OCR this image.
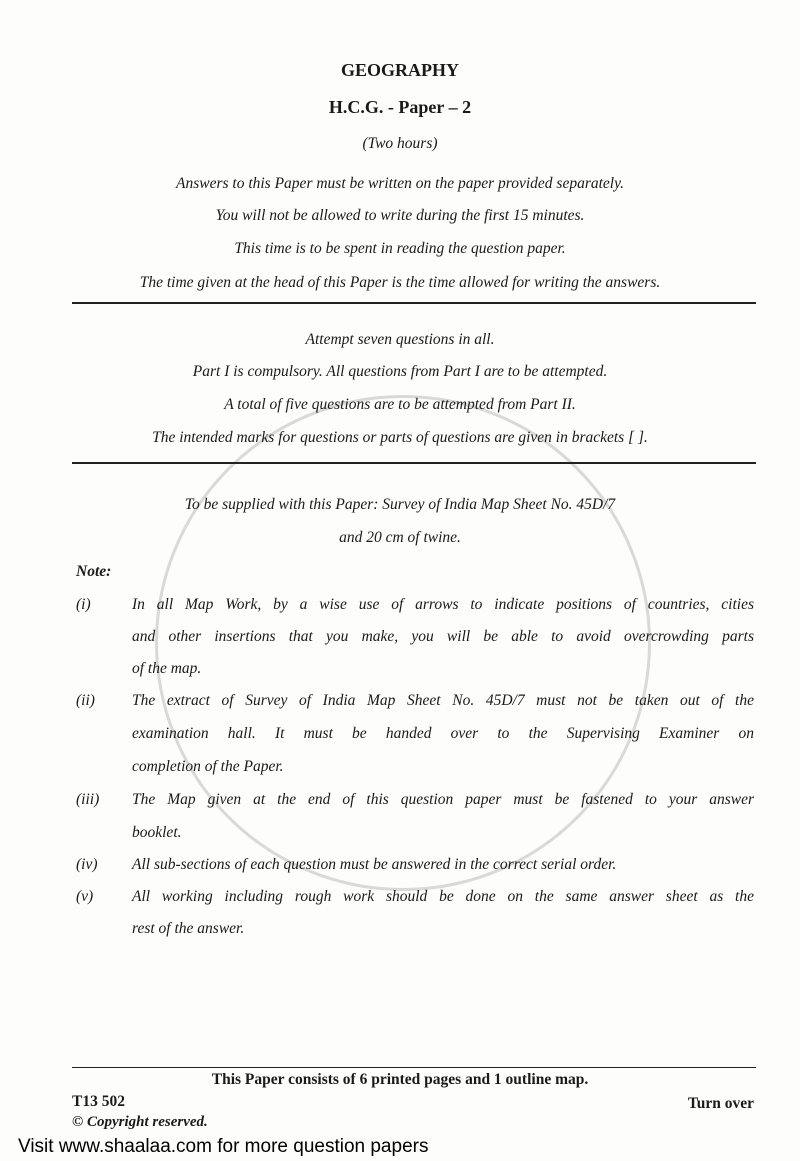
GEOGRAPHY
H.C.G. - Paper – 2
(Two hours)
Answers to this Paper must be written on the paper provided separately.
You will not be allowed to write during the first 15 minutes.
This time is to be spent in reading the question paper.
The time given at the head of this Paper is the time allowed for writing the answers.
Attempt seven questions in all.
Part I is compulsory. All questions from Part I are to be attempted.
A total of five questions are to be attempted from Part II.
The intended marks for questions or parts of questions are given in brackets [ ].
To be supplied with this Paper: Survey of India Map Sheet No. 45D/7
and 20 cm of twine.
Note:
(i)	In all Map Work, by a wise use of arrows to indicate positions of countries, cities
and other insertions that you make, you will be able to avoid overcrowding parts
of the map.
(ii) The extract of Survey of India Map Sheet No. 45D/7 must not be taken out of the
examination hall. It must be handed over to the Supervising Examiner on
completion of the Paper.
(iii) The Map given at the end of this question paper must be fastened to your answer
booklet.
(iv) All sub-sections of each question must be answered in the correct serial order.
(v)	All working including rough work should be done on the same answer sheet as the
rest of the answer.
This Paper consists of 6 printed pages and 1 outline map.
T13 502	Turn over
© Copyright reserved.
Visit www.shaalaa.com for more question papers
